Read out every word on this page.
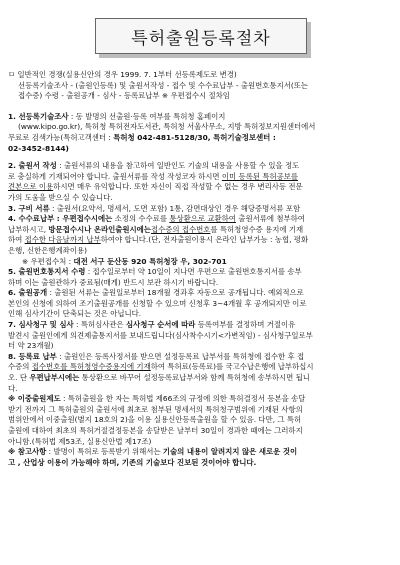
특허출원등록절차

ㅁ 일반적인 경쟁(실용신안의 경우 1999. 7. 1부터 선등록제도로 변경)

선등록기술조사 - (출원인등록) 및 출원서작성 - 접수 및 수수료납부 - 출원번호통지서(또는

접수증) 수령 - 출원공개 - 심사 - 등록료납부 ※ 우편접수시 절차임

1. 선등록기술조사 : 동 발명의 선출원·등록 여부를 특허청 홈페이지

(www.kipo.go.kr), 특허청 특허전자도서관, 특허청 서울사무소, 지방 특허정보지원센터에서

무료로 검색가능(특허고객센터 : 특허청 042-481-5128/30, 특허기술정보센터 :

02-3452-8144)

2. 출원서 작성 : 출원서류의 내용을 참고하여 일반인도 기술의 내용을 사용할 수 있을 정도

로 충실하게 기재되어야 합니다. 출원서류를 작성 작성코자 하시면 이미 등록된 특허공보를

견본으로 이용하시면 매우 유익합니다. 또한 자신이 직접 작성할 수 없는 경우 변리사등 전문

가의 도움을 받으실 수 있습니다.

3. 구비 서류 : 출원서(요약서, 명세서, 도면 포함) 1통, 감면대상인 경우 해당증명서류 포함

4. 수수료납부 : 우편접수시에는 소정의 수수료를 통상환으로 교환하여 출원서류에 첨부하여

납부하시고, 방문접수시나 온라인출원시에는접수증의 접수번호를 특허청영수증 용지에 기재

하여 접수한 다음날까지 납부하여야 합니다.(단, 전자출원이용시 온라인 납부가능 : 농협, 평화

은행, 신한은행계좌이용)

※ 우편접수처 : 대전 서구 둔산동 920 특허청장 우, 302-701

5. 출원번호통지서 수령 : 접수일로부터 약 10일이 지나면 우편으로 출원번호통지서를 송부

하며 이는 출원관하가 중료됨(매게) 반드시 보관 하시기 바랍니다.

6. 출원공개 : 출원된 서류는 출원일로부터 18개월 경과후 자동으로 공개됩니다. 예외적으로

본인의 신청에 의하여 조기출원공개를 신청할 수 있으며 신청후 3~4개월 후 공개되지만 이로

인해 심사기간이 단축되는 것은 아닙니다.

7. 심사청구 및 심사 : 특허심사관은 심사청구 순서에 따라 등록여부를 결정하며 거절이유

발견시 출원인에게 의견제출통지서를 보내드립니다(심사착수시기<가변적임) - 심사청구일로부

터 약 23개월)

8. 등록료 납부 : 출원인은 등록사정서를 받으면 설정등록료 납부서를 특허청에 접수한 후 접

수증의 접수번호를 특허청영수증용지에 기재하여 특허료(등록료)를 국고수납은행에 납부하십시

오. 단 우편납부시에는 통상환으로 바꾸어 설정등록료납부서와 함께 특허청에 송부하시면 됩니

다.

※ 이중출원제도 : 특허출원을 한 자는 특허법 제66조의 규정에 의한 특허결정서 등본을 송달

받기 전까지 그 특허출원의 출원서에 최초로 첨부된 명세서의 특허청구범위에 기재된 사항의

범위안에서 이중출원(별지 18호의 2)을 이용 실용신안등록출원을 할 수 있음. 다만, 그 특허

출원에 대하여 최초의 특허거절결정등본을 송달받은 날부터 30일이 경과한 때에는 그러하지

아니함.(특허법 제53조, 실용신안법 제17조)

※ 참고사항 : 발명이 특허로 등록받기 위해서는 기술의 내용이 알려지지 않은 새로운 것이

고 , 산업상 이용이 가능해야 하며, 기존의 기술보다 진보된 것이어야 합니다.
